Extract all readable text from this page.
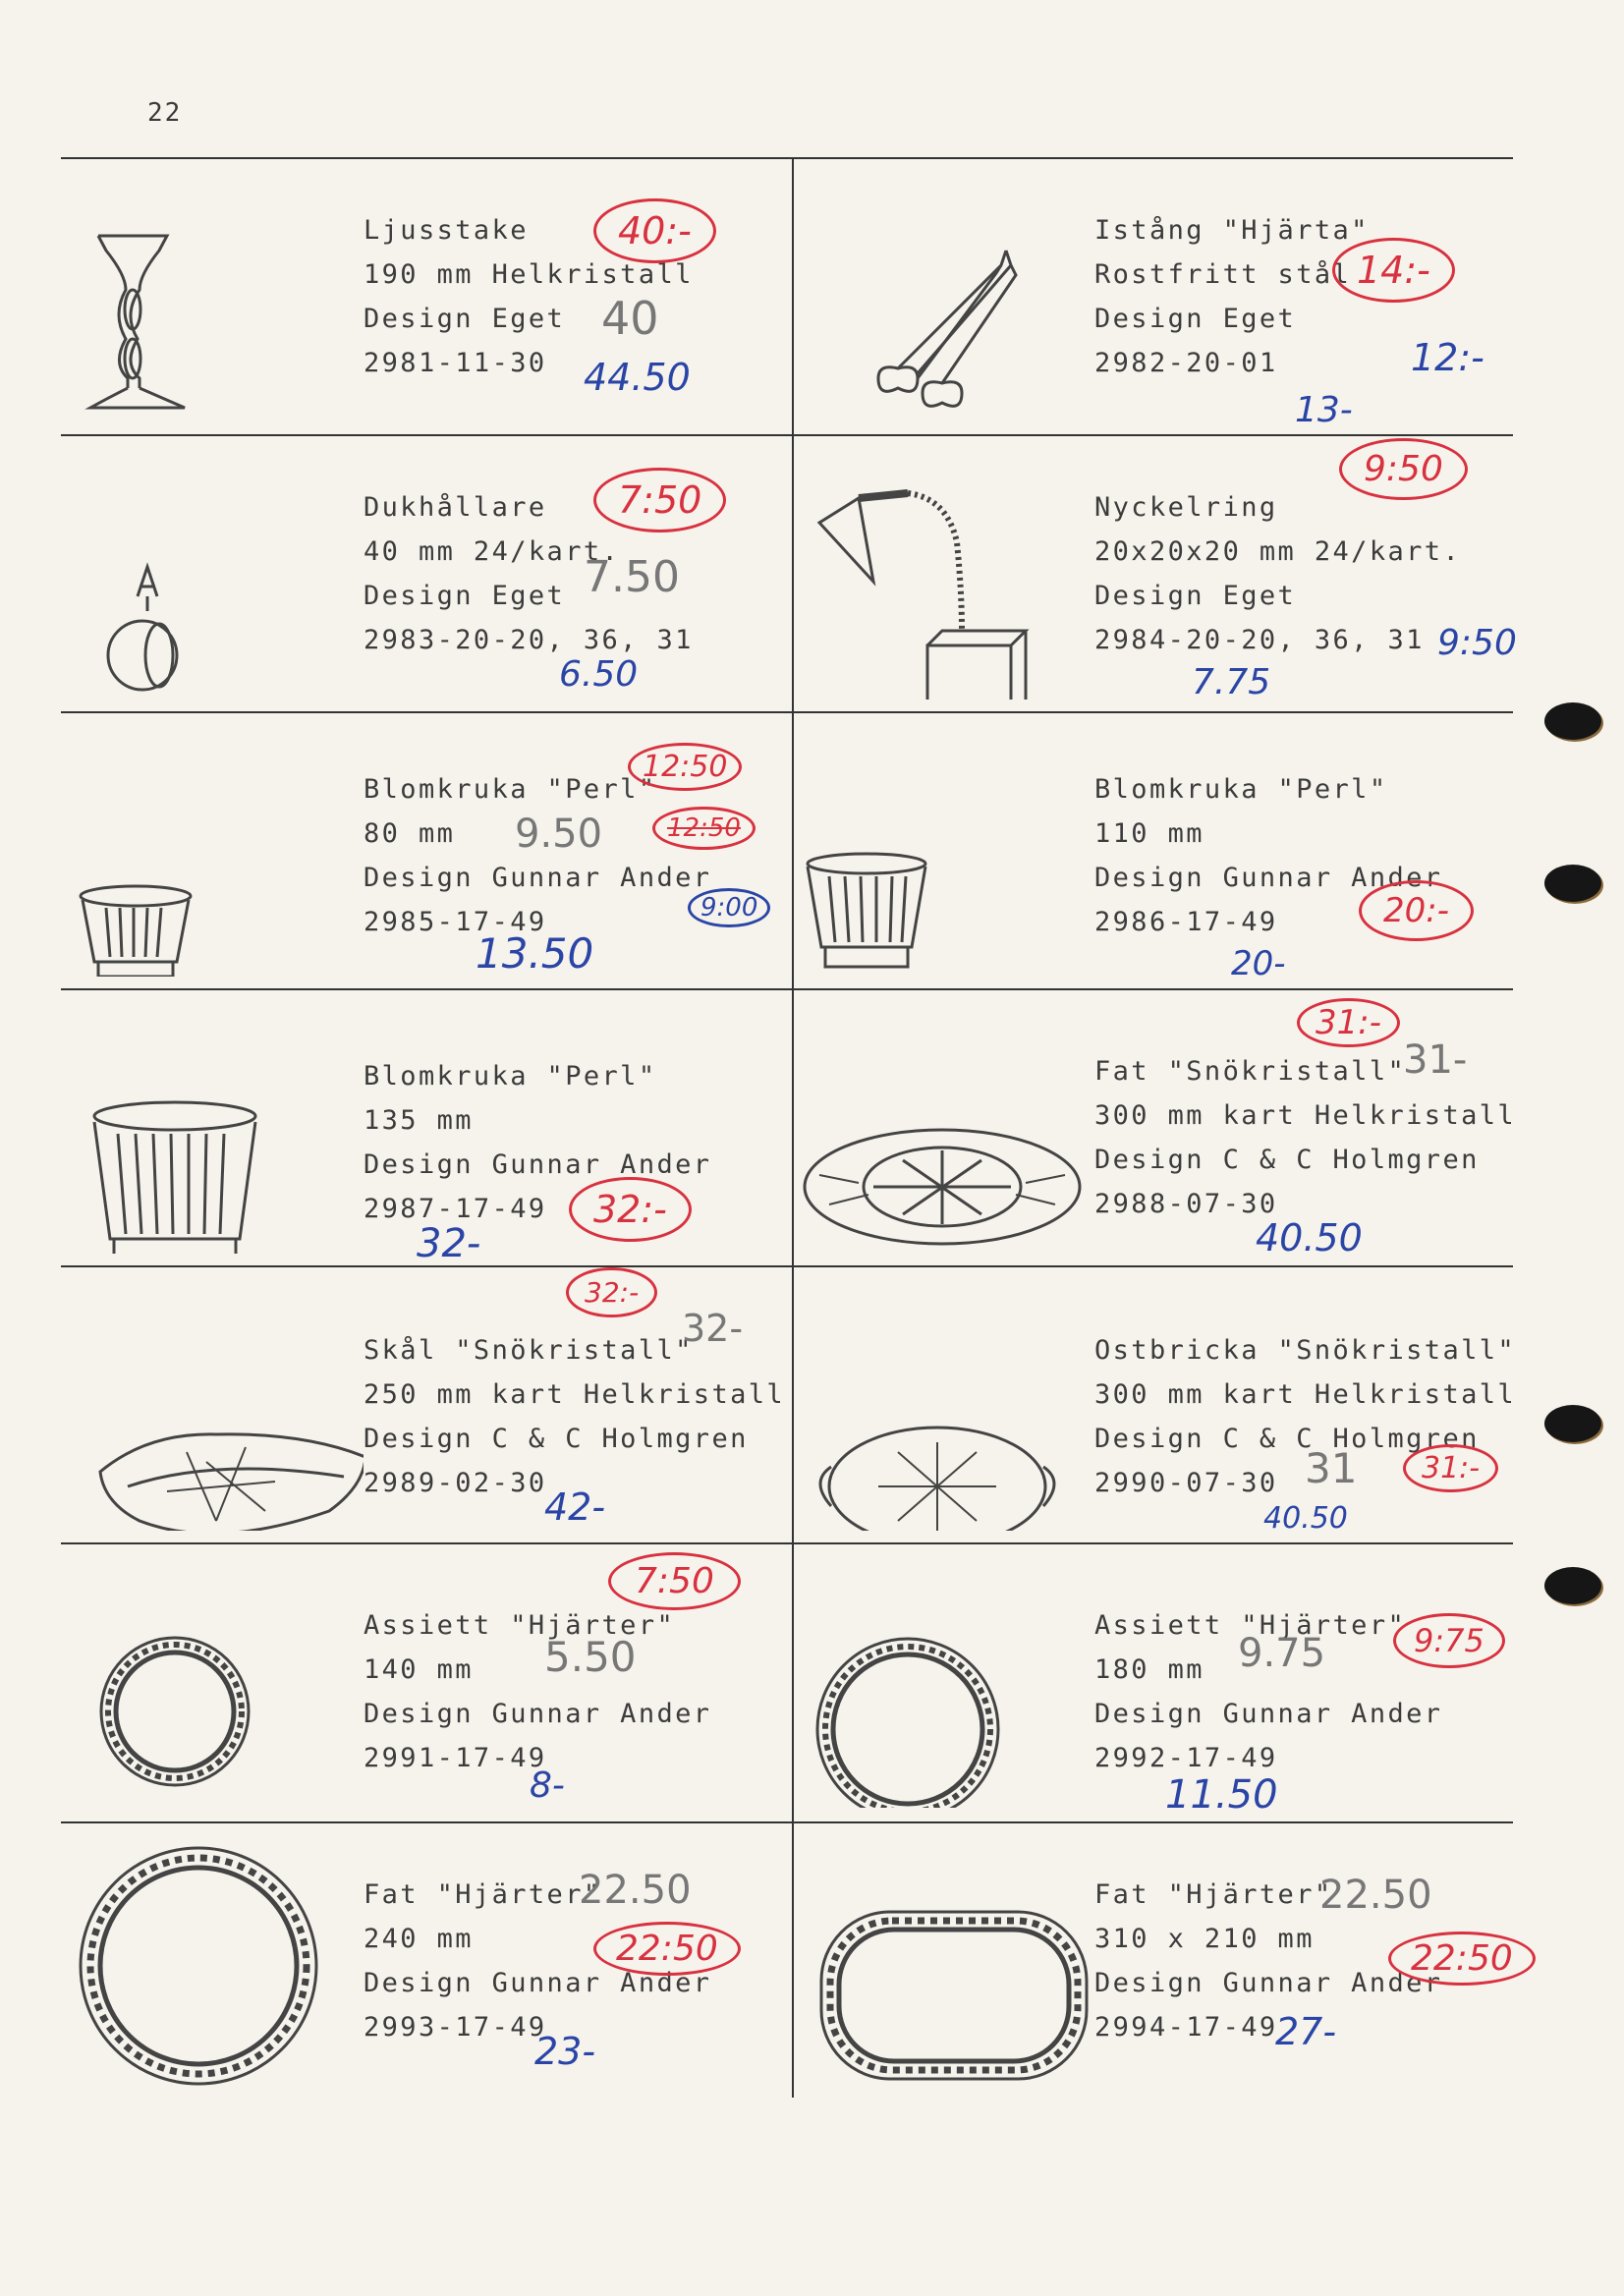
22
Ljusstake
190 mm Helkristall
Design Eget
2981-11-30
40:-
40
44.50
Istång "Hjärta"
Rostfritt stål
Design Eget
2982-20-01
14:-
12:-
13-
Dukhållare
40 mm 24/kart.
Design Eget
2983-20-20, 36, 31
7:50
7.50
6.50
Nyckelring
20x20x20 mm 24/kart.
Design Eget
2984-20-20, 36, 31
9:50
9:50
7.75
Blomkruka "Perl"
80 mm
Design Gunnar Ander
2985-17-49
12:50
12:50
9.50
9:00
13.50
Blomkruka "Perl"
110 mm
Design Gunnar Ander
2986-17-49	20:-
20-
Blomkruka "Perl"
135 mm
Design Gunnar Ander
2987-17-49	32:-
32-
Fat "Snökristall"
300 mm kart Helkristall
Design C & C Holmgren
2988-07-30
31:-
31-
40.50
Skål "Snökristall"
250 mm kart Helkristall
Design C & C Holmgren
2989-02-30
32:-
32-
42-
Ostbricka "Snökristall"
300 mm kart Helkristall
Design C & C Holmgren
2990-07-30	31:-
31
40.50
Assiett "Hjärter"
140 mm
Design Gunnar Ander
2991-17-49
7:50
5.50
8-
Assiett "Hjärter"
180 mm
Design Gunnar Ander
2992-17-49
9:75
9.75
11.50
Fat "Hjärter"
240 mm
Design Gunnar Ander
2993-17-49
22.50
22:50
23-
Fat "Hjärter"
310 x 210 mm
Design Gunnar Ander
2994-17-49
22.50
22:50
27-
